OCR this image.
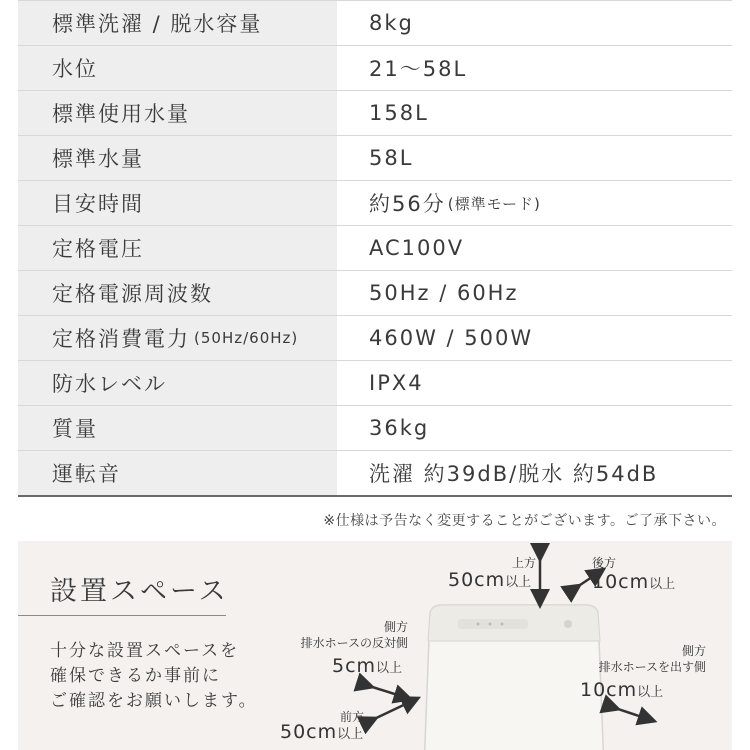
標準洗濯 / 脱水容量	8kg
水位	21～58L
標準使用水量	158L
標準水量	58L
目安時間	約56分 (標準モード)
定格電圧	AC100V
定格電源周波数	50Hz / 60Hz
定格消費電力 (50Hz/60Hz)	460W / 500W
防水レベル	IPX4
質量	36kg
運転音	洗濯 約39dB/脱水 約54dB
※仕様は予告なく変更することがございます。ご了承下さい。
設置スペース
十分な設置スペースを
確保できるか事前に
ご確認をお願いします。
上方
50cm以上
後方
10cm以上
側方
排水ホースの反対側
5cm以上
側方
排水ホースを出す側
10cm以上
前方
50cm以上
